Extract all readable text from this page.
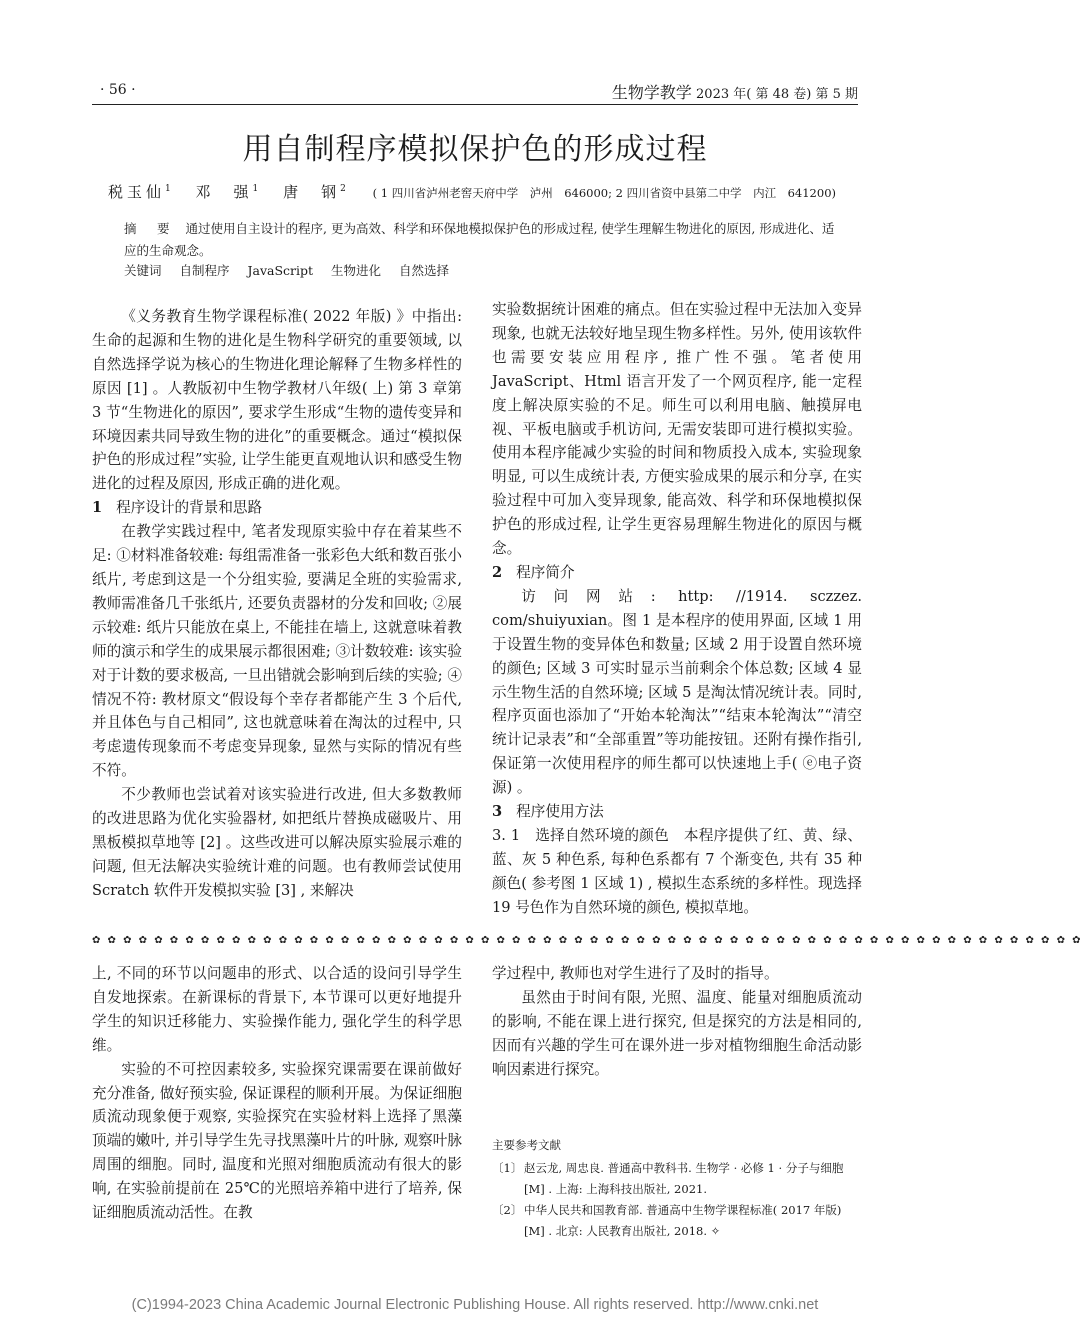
· 56 ·	生物学教学 2023 年( 第 48 卷) 第 5 期
用自制程序模拟保护色的形成过程
税玉仙$^1$ 邓　强$^1$ 唐　钢$^2$ ( 1 四川省泸州老窖天府中学　泸州　646000; 2 四川省资中县第二中学　内江　641200)
摘　要 通过使用自主设计的程序, 更为高效、科学和环保地模拟保护色的形成过程, 使学生理解生物进化的原因, 形成进化、适应的生命观念。
关键词 自制程序 JavaScript 生物进化 自然选择

《义务教育生物学课程标准( 2022 年版) 》中指出: 生命的起源和生物的进化是生物科学研究的重要领域, 以自然选择学说为核心的生物进化理论解释了生物多样性的原因 [1] 。人教版初中生物学教材八年级( 上) 第 3 章第 3 节“生物进化的原因”, 要求学生形成“生物的遗传变异和环境因素共同导致生物的进化”的重要概念。通过“模拟保护色的形成过程”实验, 让学生能更直观地认识和感受生物进化的过程及原因, 形成正确的进化观。

1 程序设计的背景和思路

在教学实践过程中, 笔者发现原实验中存在着某些不足: ①材料准备较难: 每组需准备一张彩色大纸和数百张小纸片, 考虑到这是一个分组实验, 要满足全班的实验需求, 教师需准备几千张纸片, 还要负责器材的分发和回收; ②展示较难: 纸片只能放在桌上, 不能挂在墙上, 这就意味着教师的演示和学生的成果展示都很困难; ③计数较难: 该实验对于计数的要求极高, 一旦出错就会影响到后续的实验; ④情况不符: 教材原文“假设每个幸存者都能产生 3 个后代, 并且体色与自己相同”, 这也就意味着在淘汰的过程中, 只考虑遗传现象而不考虑变异现象, 显然与实际的情况有些不符。

不少教师也尝试着对该实验进行改进, 但大多数教师的改进思路为优化实验器材, 如把纸片替换成磁吸片、用黑板模拟草地等 [2] 。这些改进可以解决原实验展示难的问题, 但无法解决实验统计难的问题。也有教师尝试使用 Scratch 软件开发模拟实验 [3] , 来解决

实验数据统计困难的痛点。但在实验过程中无法加入变异现象, 也就无法较好地呈现生物多样性。另外, 使用该软件也需要安装应用程序, 推广性不强。笔者使用 JavaScript、Html 语言开发了一个网页程序, 能一定程度上解决原实验的不足。师生可以利用电脑、触摸屏电视、平板电脑或手机访问, 无需安装即可进行模拟实验。使用本程序能减少实验的时间和物质投入成本, 实验现象明显, 可以生成统计表, 方便实验成果的展示和分享, 在实验过程中可加入变异现象, 能高效、科学和环保地模拟保护色的形成过程, 让学生更容易理解生物进化的原因与概念。

2 程序简介

访问网站: http: //1914. sczzez. com/shuiyuxian。图 1 是本程序的使用界面, 区域 1 用于设置生物的变异体色和数量; 区域 2 用于设置自然环境的颜色; 区域 3 可实时显示当前剩余个体总数; 区域 4 显示生物生活的自然环境; 区域 5 是淘汰情况统计表。同时, 程序页面也添加了“开始本轮淘汰”“结束本轮淘汰”“清空统计记录表”和“全部重置”等功能按钮。还附有操作指引, 保证第一次使用程序的师生都可以快速地上手( ⓔ电子资源) 。

3 程序使用方法

3. 1　选择自然环境的颜色　本程序提供了红、黄、绿、蓝、灰 5 种色系, 每种色系都有 7 个渐变色, 共有 35 种颜色( 参考图 1 区域 1) , 模拟生态系统的多样性。现选择 19 号色作为自然环境的颜色, 模拟草地。

✿ ✿ ✿ ✿ ✿ ✿ ✿ ✿ ✿ ✿ ✿ ✿ ✿ ✿ ✿ ✿ ✿ ✿ ✿ ✿ ✿ ✿ ✿ ✿ ✿ ✿ ✿ ✿ ✿ ✿ ✿ ✿ ✿ ✿ ✿ ✿ ✿ ✿ ✿ ✿ ✿ ✿ ✿ ✿ ✿ ✿ ✿ ✿ ✿ ✿ ✿ ✿ ✿ ✿ ✿ ✿ ✿ ✿ ✿ ✿ ✿ ✿ ✿ ✿

上, 不同的环节以问题串的形式、以合适的设问引导学生自发地探索。在新课标的背景下, 本节课可以更好地提升学生的知识迁移能力、实验操作能力, 强化学生的科学思维。

实验的不可控因素较多, 实验探究课需要在课前做好充分准备, 做好预实验, 保证课程的顺利开展。为保证细胞质流动现象便于观察, 实验探究在实验材料上选择了黑藻顶端的嫩叶, 并引导学生先寻找黑藻叶片的叶脉, 观察叶脉周围的细胞。同时, 温度和光照对细胞质流动有很大的影响, 在实验前提前在 25℃的光照培养箱中进行了培养, 保证细胞质流动活性。在教

学过程中, 教师也对学生进行了及时的指导。

虽然由于时间有限, 光照、温度、能量对细胞质流动的影响, 不能在课上进行探究, 但是探究的方法是相同的, 因而有兴趣的学生可在课外进一步对植物细胞生命活动影响因素进行探究。

主要参考文献
〔1〕 赵云龙, 周忠良. 普通高中教科书. 生物学 · 必修 1 · 分子与细胞 [M] . 上海: 上海科技出版社, 2021.
〔2〕 中华人民共和国教育部. 普通高中生物学课程标准( 2017 年版) [M] . 北京: 人民教育出版社, 2018. ✧
(C)1994-2023 China Academic Journal Electronic Publishing House. All rights reserved. http://www.cnki.net
